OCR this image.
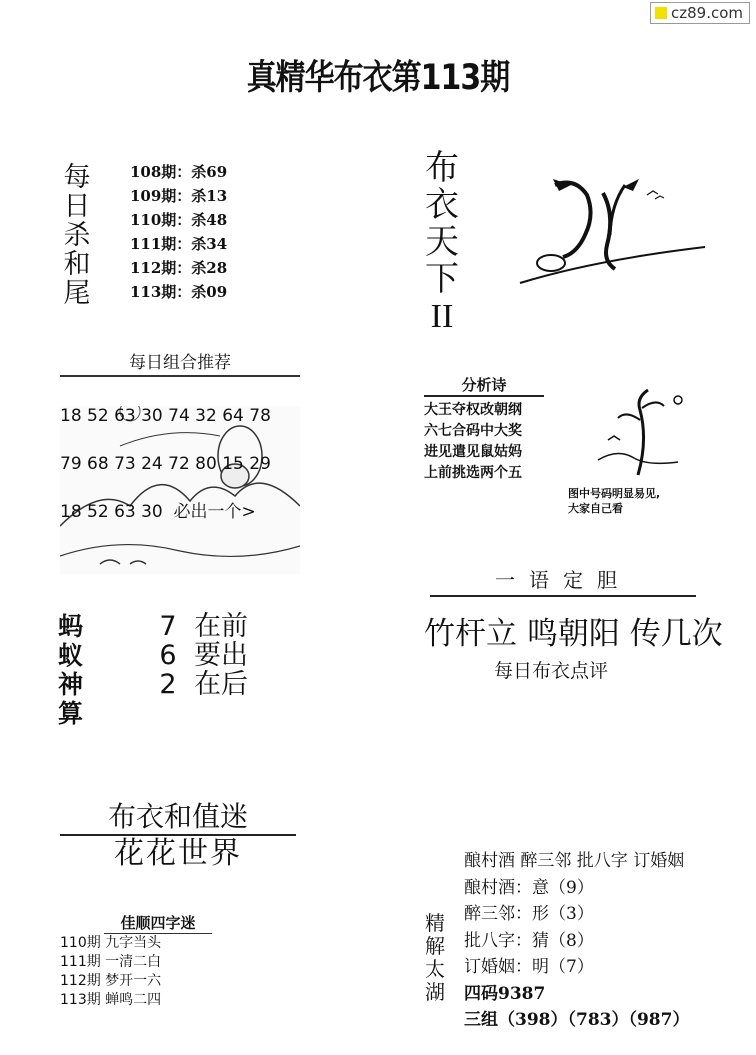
cz89.com
真精华布衣第113期
每
日
杀
和
尾
108期：杀69
109期：杀13
110期：杀48
111期：杀34
112期：杀28
113期：杀09
布
衣
天
下
II
每日组合推荐

18 52 63 30 74 32 64 78

79 68 73 24 72 80 15 29

18 52 63 30  必出一个>

分析诗
大王夺权改朝纲
六七合码中大奖
进见遣见鼠姑妈
上前挑选两个五
图中号码明显易见,
大家自己看
一语定胆
竹杆立 鸣朝阳 传几次
每日布衣点评
蚂
蚁
神
算
7 在前
6 要出
2 在后
布衣和值迷
花花世界
佳顺四字迷
110期 九字当头
111期 一清二白
112期 梦开一六
113期 蝉鸣二四
精
解
太
湖
酿村酒 醉三邻 批八字 订婚姻
酿村酒：意（9）
醉三邻：形（3）
批八字：猜（8）
订婚姻：明（7）
四码9387
三组（398）（783）（987）
